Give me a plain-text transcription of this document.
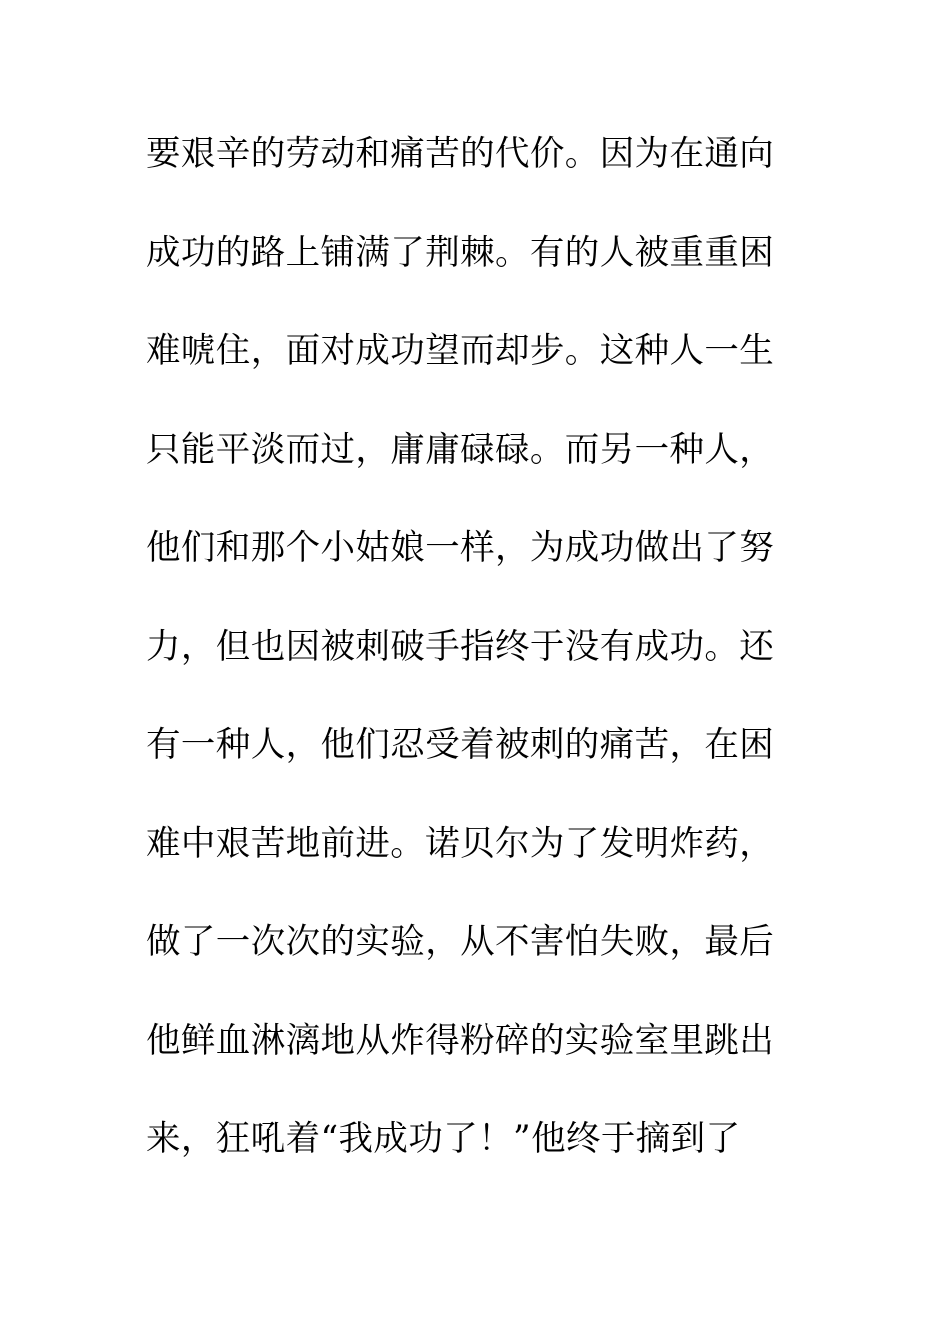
要艰辛的劳动和痛苦的代价。因为在通向
成功的路上铺满了荆棘。有的人被重重困
难唬住，面对成功望而却步。这种人一生
只能平淡而过，庸庸碌碌。而另一种人，
他们和那个小姑娘一样，为成功做出了努
力，但也因被刺破手指终于没有成功。还
有一种人，他们忍受着被刺的痛苦，在困
难中艰苦地前进。诺贝尔为了发明炸药，
做了一次次的实验，从不害怕失败，最后
他鲜血淋漓地从炸得粉碎的实验室里跳出
来，狂吼着“我成功了！”他终于摘到了
